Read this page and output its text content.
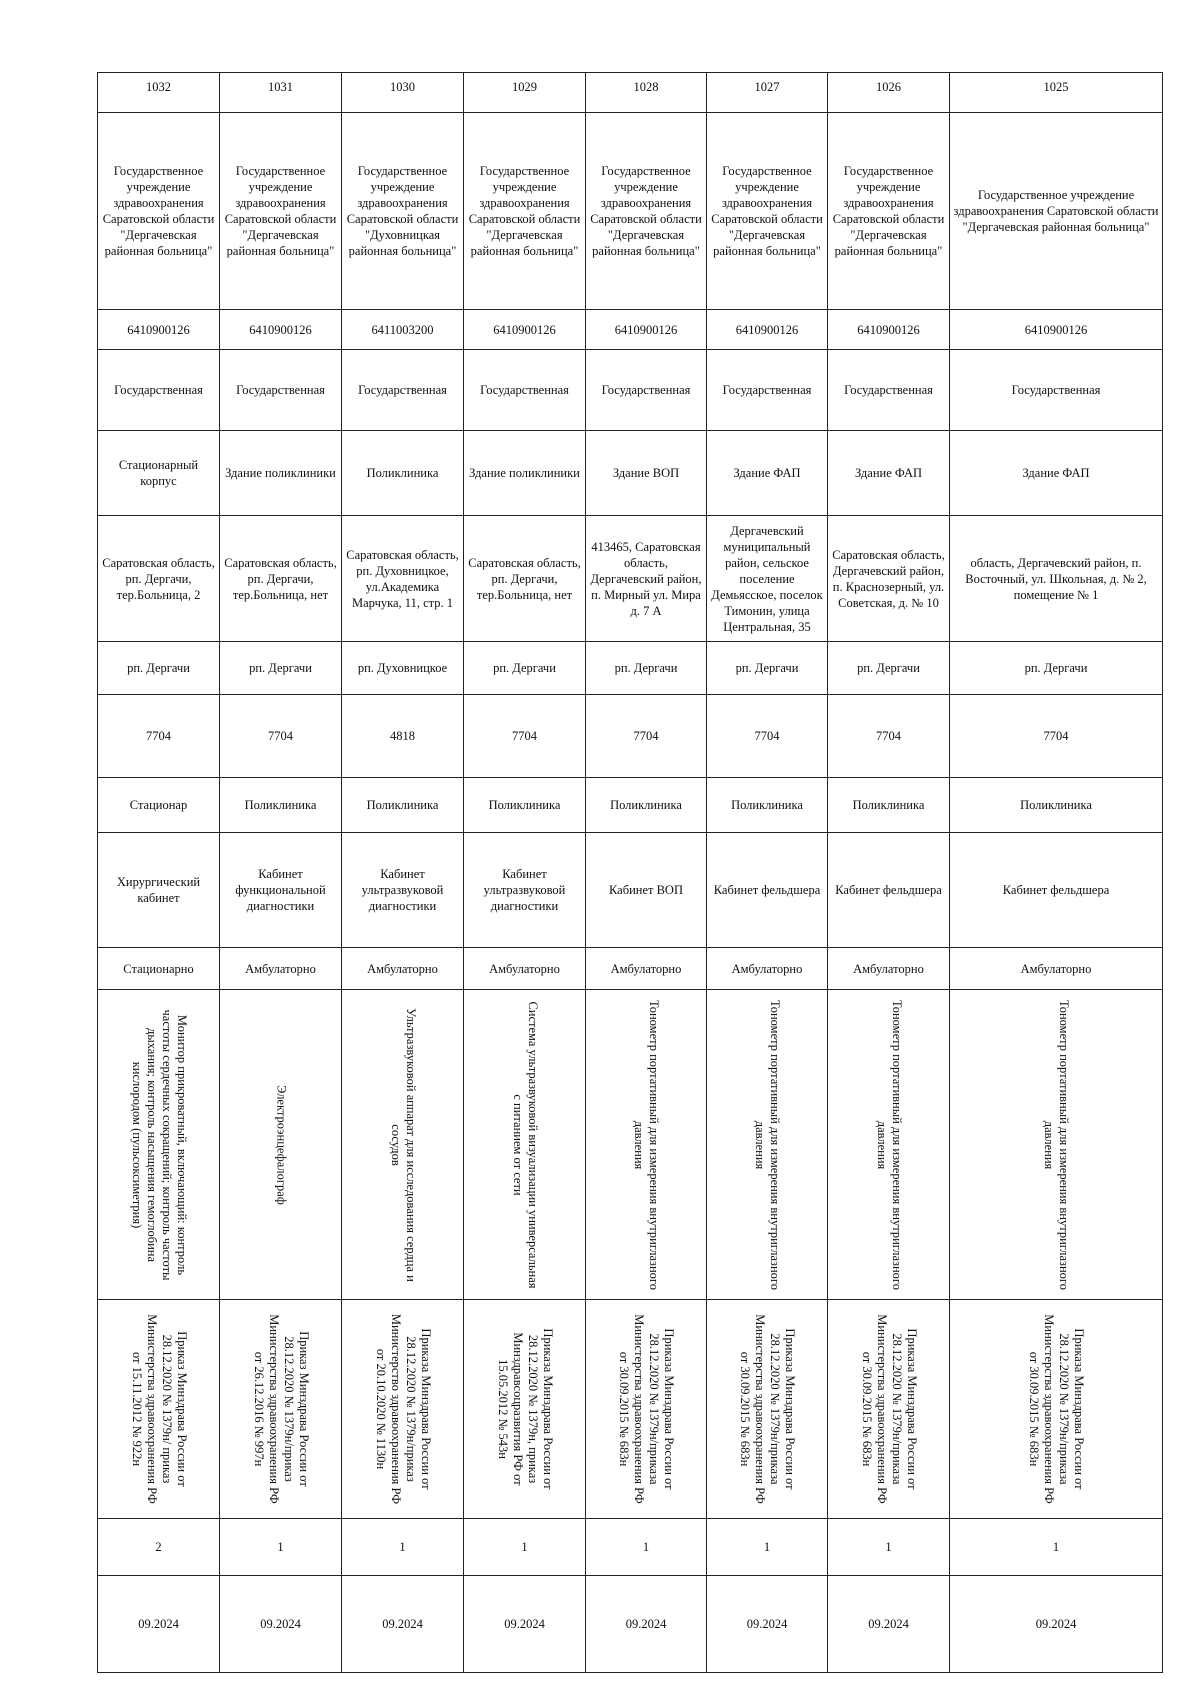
1032	1031	1030	1029	1028	1027	1026	1025
Государственное учреждение здравоохранения Саратовской области "Дергачевская районная больница"	Государственное учреждение здравоохранения Саратовской области "Дергачевская районная больница"	Государственное учреждение здравоохранения Саратовской области "Духовницкая районная больница"	Государственное учреждение здравоохранения Саратовской области "Дергачевская районная больница"	Государственное учреждение здравоохранения Саратовской области "Дергачевская районная больница"	Государственное учреждение здравоохранения Саратовской области "Дергачевская районная больница"	Государственное учреждение здравоохранения Саратовской области "Дергачевская районная больница"	Государственное учреждение здравоохранения Саратовской области "Дергачевская районная больница"
6410900126	6410900126	6411003200	6410900126	6410900126	6410900126	6410900126	6410900126
Государственная	Государственная	Государственная	Государственная	Государственная	Государственная	Государственная	Государственная
Стационарный корпус	Здание поликлиники	Поликлиника	Здание поликлиники	Здание ВОП	Здание ФАП	Здание ФАП	Здание ФАП

Саратовская область, рп. Дергачи, тер.Больница, 2	Саратовская область, рп. Дергачи, тер.Больница, нет	Саратовская область, рп. Духовницкое, ул.Академика Марчука, 11, стр. 1	Саратовская область, рп. Дергачи, тер.Больница, нет	413465, Саратовская область, Дергачевский район, п. Мирный ул. Мира д. 7 А	Дергачевский муниципальный район, сельское поселение Демьясское, поселок Тимонин, улица Центральная, 35	Саратовская область, Дергачевский район, п. Краснозерный, ул. Советская, д. № 10	область, Дергачевский район, п. Восточный, ул. Школьная, д. № 2, помещение № 1

рп. Дергачи	рп. Дергачи	рп. Духовницкое	рп. Дергачи	рп. Дергачи	рп. Дергачи	рп. Дергачи	рп. Дергачи
7704	7704	4818	7704	7704	7704	7704	7704
Стационар	Поликлиника	Поликлиника	Поликлиника	Поликлиника	Поликлиника	Поликлиника	Поликлиника
Хирургический кабинет	Кабинет функциональной диагностики	Кабинет ультразвуковой диагностики	Кабинет ультразвуковой диагностики	Кабинет ВОП	Кабинет фельдшера	Кабинет фельдшера	Кабинет фельдшера
Стационарно	Амбулаторно	Амбулаторно	Амбулаторно	Амбулаторно	Амбулаторно	Амбулаторно	Амбулаторно

Монитор прикроватный, включающий: контроль частоты сердечных сокращений; контроль частоты дыхания; контроль насыщения гемоглобина кислородом (пульсоксиметрия)	Электроэнцефалограф	Ультразвуковой аппарат для исследования сердца и сосудов	Система ультразвуковой визуализации универсальная с питанием от сети	Тонометр портативный для измерения внутриглазного давления	Тонометр портативный для измерения внутриглазного давления	Тонометр портативный для измерения внутриглазного давления	Тонометр портативный для измерения внутриглазного давления

Приказ Минздрава России от 28.12.2020 № 1379н/ приказ Министерства здравоохранения РФ от 15.11.2012 № 922н	Приказ Минздрава России от 28.12.2020 № 1379н/приказ Министерства здравоохранения РФ от 26.12.2016 № 997н	Приказа Минздрава России от 28.12.2020 № 1379н/приказ Министерство здравоохранения РФ от 20.10.2020 № 1130н	Приказа Минздрава России от 28.12.2020 № 1379н, приказ Минздравсоцразвития РФ от 15.05.2012 № 543н	Приказа Минздрава России от 28.12.2020 № 1379н/приказа Министерства здравоохранения РФ от 30.09.2015 № 683н	Приказа Минздрава России от 28.12.2020 № 1379н/приказа Министерства здравоохранения РФ от 30.09.2015 № 683н	Приказа Минздрава России от 28.12.2020 № 1379н/приказа Министерства здравоохранения РФ от 30.09.2015 № 683н	Приказа Минздрава России от 28.12.2020 № 1379н/приказа Министерства здравоохранения РФ от 30.09.2015 № 683н

2	1	1	1	1	1	1	1
09.2024	09.2024	09.2024	09.2024	09.2024	09.2024	09.2024	09.2024
